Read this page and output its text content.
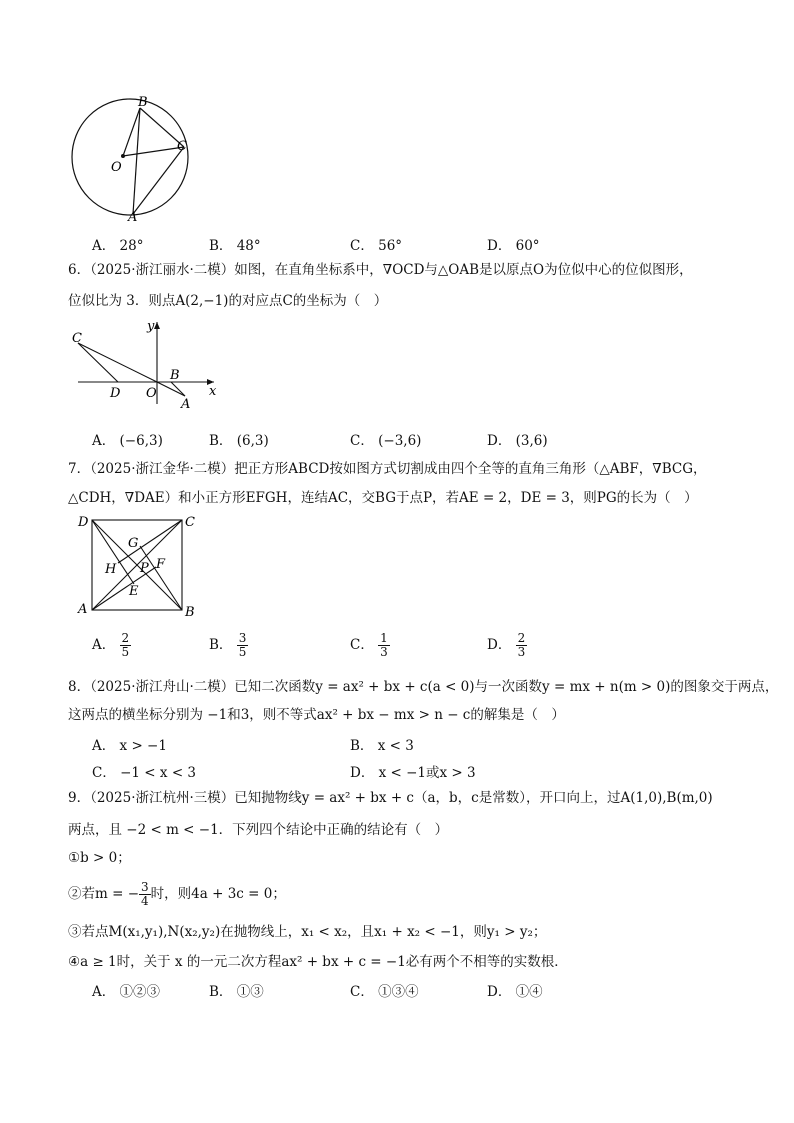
B
C
O
A
A． 28°	B． 48°	C． 56°	D． 60°
6．（2025·浙江丽水·二模）如图，在直角坐标系中，∇OCD与△OAB是以原点O为位似中心的位似图形，
位似比为 3．则点A(2,−1)的对应点C的坐标为（　）
C
y
B
D O
A
x
A． (−6,3)	B． (6,3)	C． (−3,6)	D． (3,6)
7．（2025·浙江金华·二模）把正方形ABCD按如图方式切割成由四个全等的直角三角形（△ABF，∇BCG，
△CDH，∇DAE）和小正方形EFGH，连结AC，交BG于点P，若AE = 2，DE = 3，则PG的长为（　）
D	C
G
H P F
E
A	B
A． $\frac{2}{5}$	B． $\frac{3}{5}$	C． $\frac{1}{3}$	D． $\frac{2}{3}$
8．（2025·浙江舟山·二模）已知二次函数y = ax² + bx + c(a < 0)与一次函数y = mx + n(m > 0)的图象交于两点，
这两点的横坐标分别为 −1和3，则不等式ax² + bx − mx > n − c的解集是（　）
A． x > −1	B． x < 3
C． −1 < x < 3	D． x < −1或x > 3
9．（2025·浙江杭州·三模）已知抛物线y = ax² + bx + c（a，b，c是常数），开口向上，过A(1,0),B(m,0)
两点，且 −2 < m < −1．下列四个结论中正确的结论有（　）
①b > 0；
②若m = − $\frac{3}{4}$ 时，则4a + 3c = 0；
③若点M(x₁,y₁),N(x₂,y₂)在抛物线上，x₁ < x₂，且x₁ + x₂ < −1，则y₁ > y₂；
④a ≥ 1时，关于 x 的一元二次方程ax² + bx + c = −1必有两个不相等的实数根．
A． ①②③	B． ①③	C． ①③④	D． ①④
